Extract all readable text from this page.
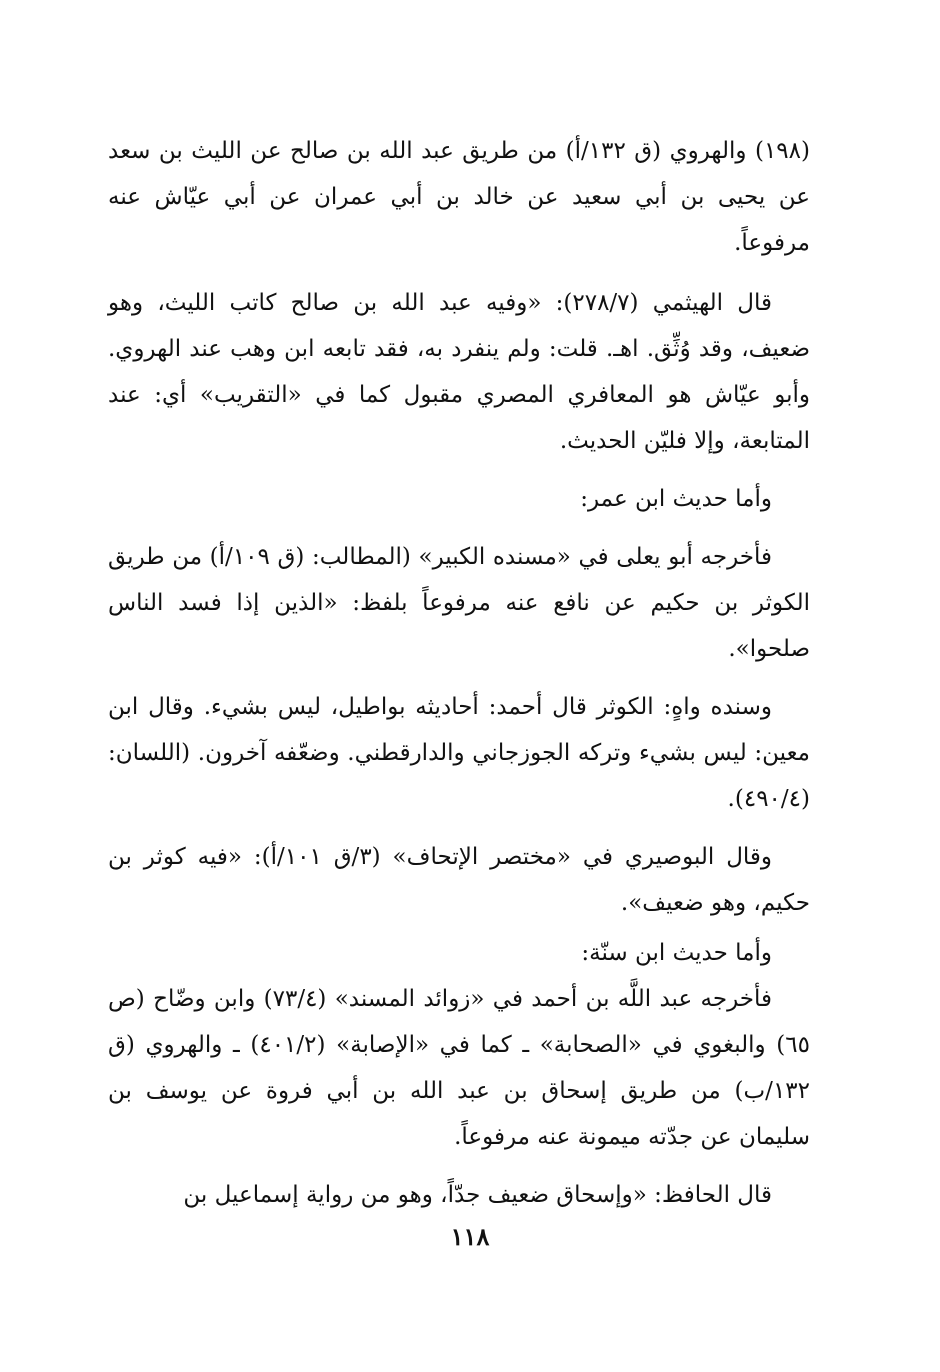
(١٩٨) والهروي (ق ١٣٢/أ) من طريق عبد الله بن صالح عن الليث بن سعد عن يحيى بن أبي سعيد عن خالد بن أبي عمران عن أبي عيّاش عنه مرفوعاً.

قال الهيثمي (٢٧٨/٧): «وفيه عبد الله بن صالح كاتب الليث، وهو ضعيف، وقد وُثِّق. اهـ. قلت: ولم ينفرد به، فقد تابعه ابن وهب عند الهروي. وأبو عيّاش هو المعافري المصري مقبول كما في «التقريب» أي: عند المتابعة، وإلا فليّن الحديث.

وأما حديث ابن عمر:

فأخرجه أبو يعلى في «مسنده الكبير» (المطالب: (ق ١٠٩/أ) من طريق الكوثر بن حكيم عن نافع عنه مرفوعاً بلفظ: «الذين إذا فسد الناس صلحوا».

وسنده واهٍ: الكوثر قال أحمد: أحاديثه بواطيل، ليس بشيء. وقال ابن معين: ليس بشيء وتركه الجوزجاني والدارقطني. وضعّفه آخرون. (اللسان: (٤٩٠/٤).

وقال البوصيري في «مختصر الإتحاف» (٣/ق ١٠١/أ): «فيه كوثر بن حكيم، وهو ضعيف».

وأما حديث ابن سنّة:

فأخرجه عبد اللَّه بن أحمد في «زوائد المسند» (٧٣/٤) وابن وضّاح (ص ٦٥) والبغوي في «الصحابة» ـ كما في «الإصابة» (٤٠١/٢) ـ والهروي (ق ١٣٢/ب) من طريق إسحاق بن عبد الله بن أبي فروة عن يوسف بن سليمان عن جدّته ميمونة عنه مرفوعاً.

قال الحافظ: «وإسحاق ضعيف جدّاً، وهو من رواية إسماعيل بن

١١٨
